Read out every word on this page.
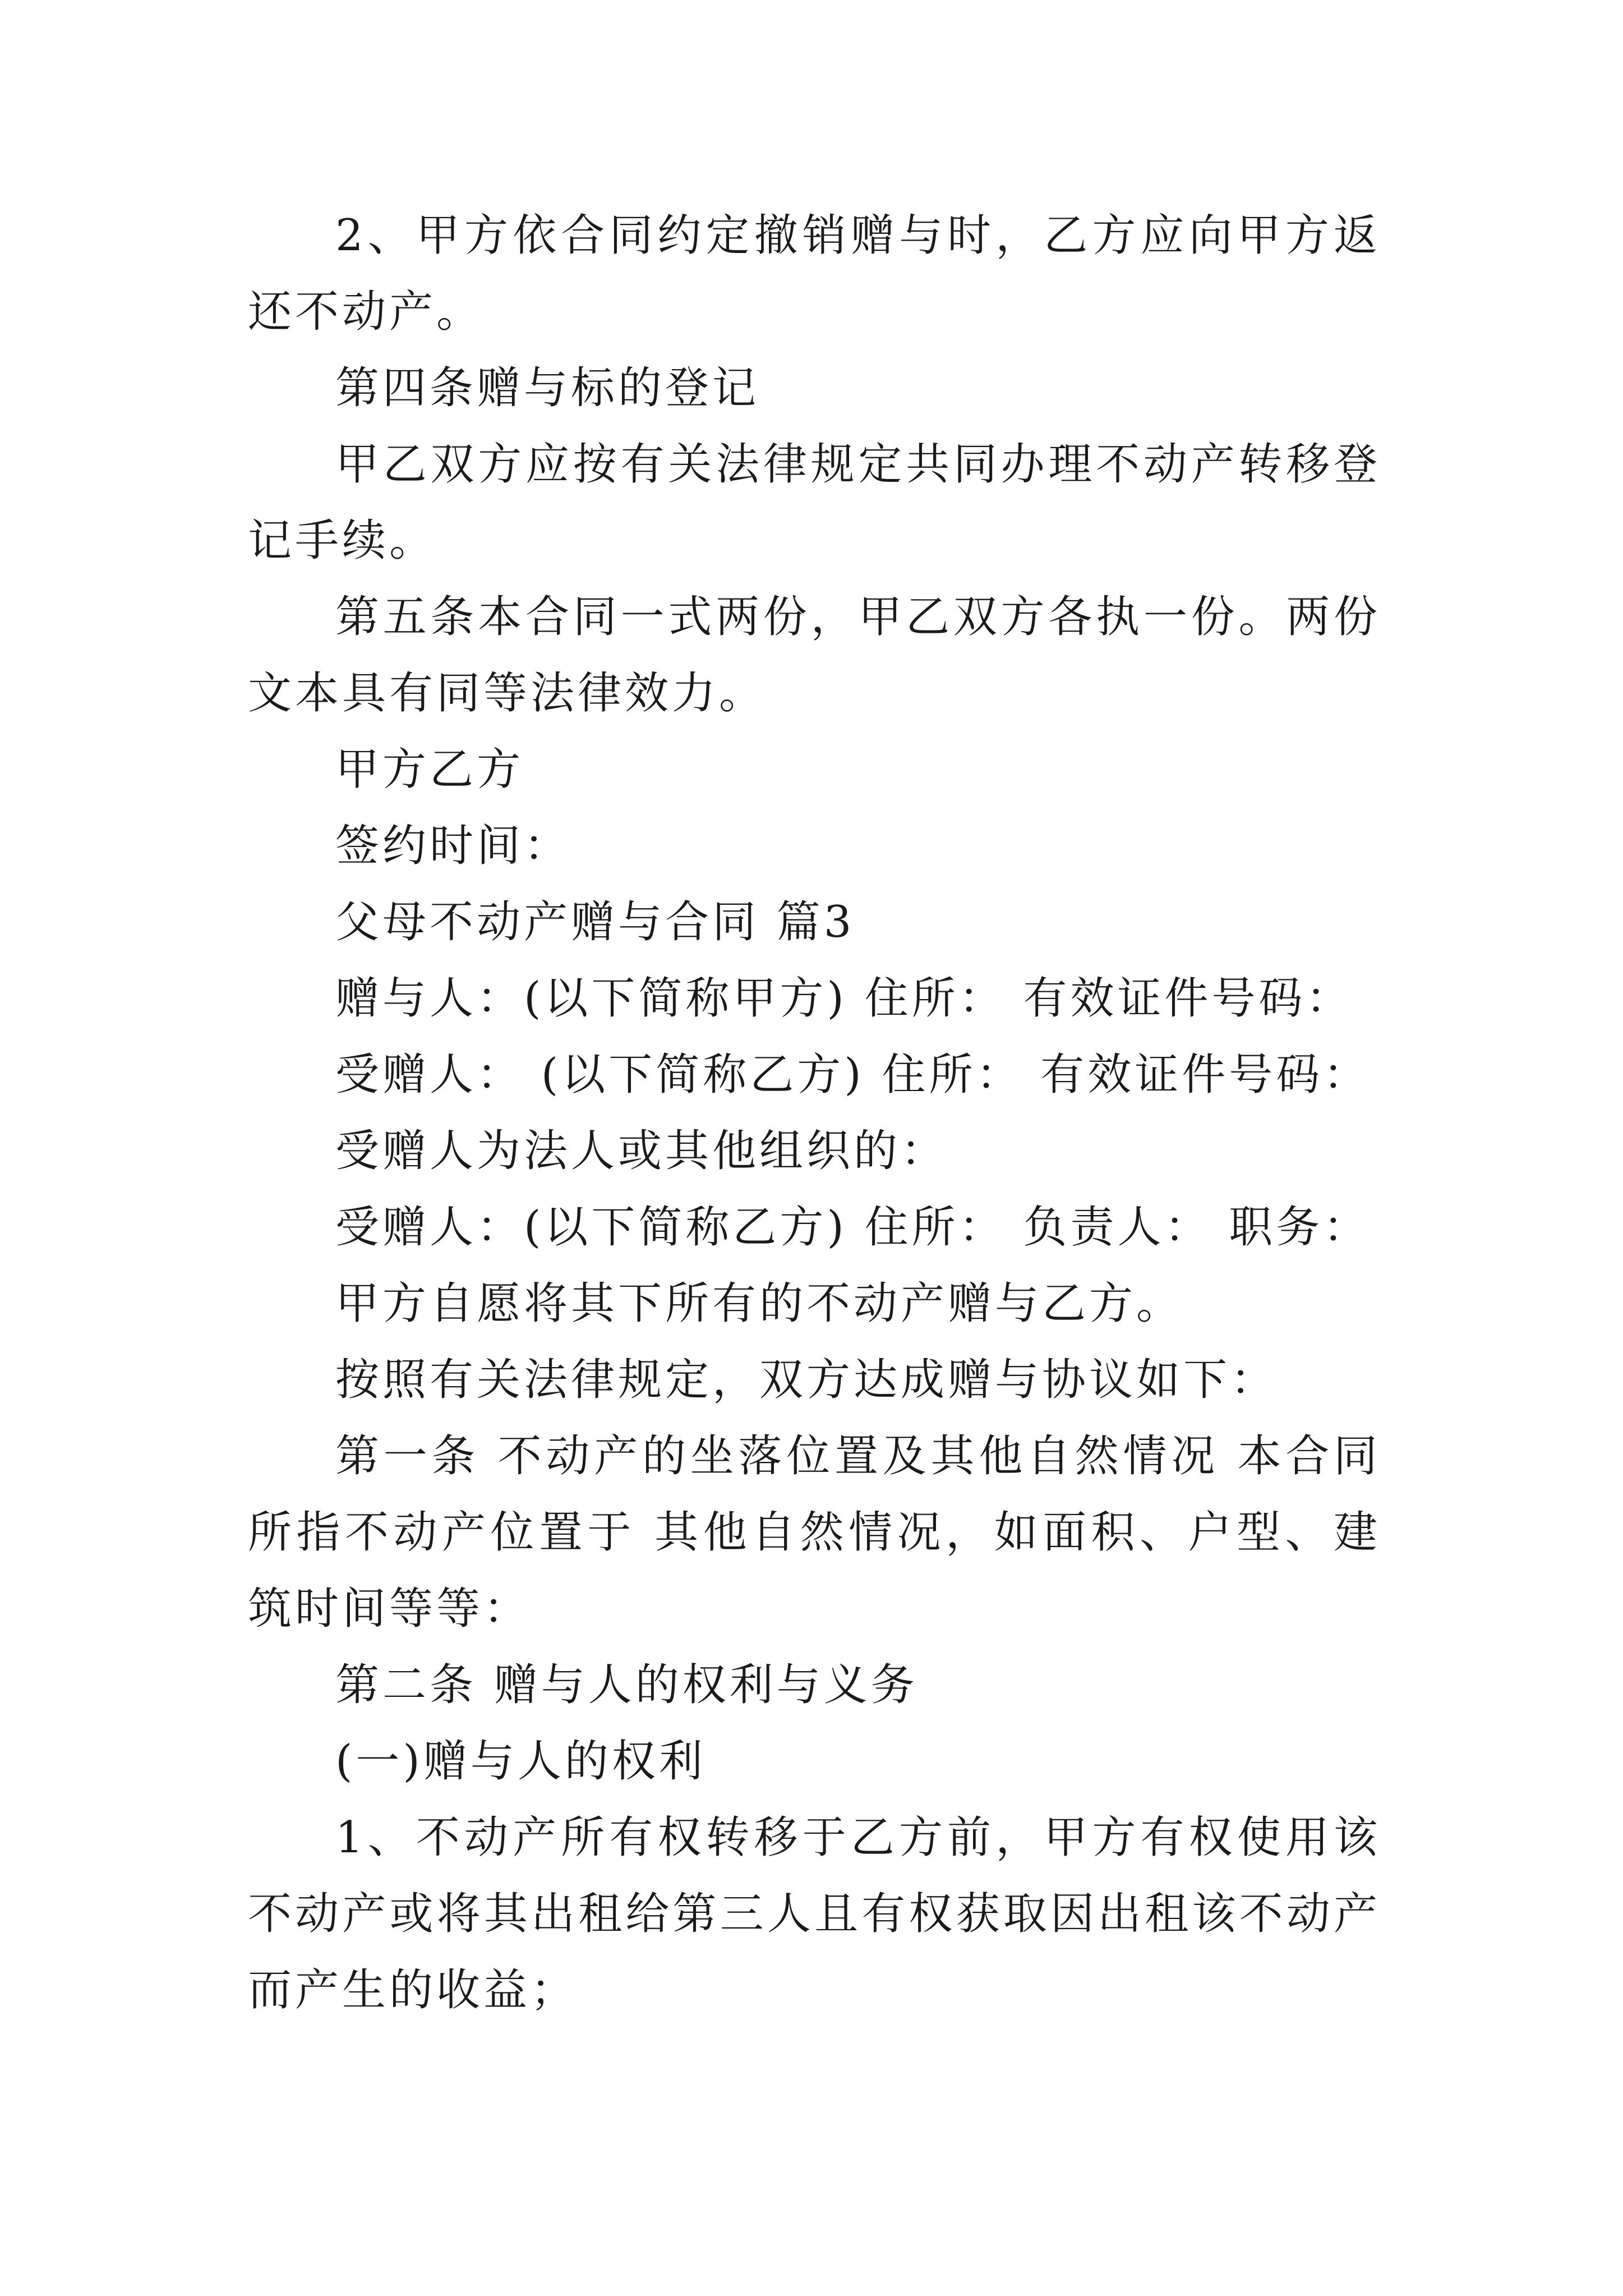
2、甲方依合同约定撤销赠与时，乙方应向甲方返还不动产。

第四条赠与标的登记

甲乙双方应按有关法律规定共同办理不动产转移登记手续。

第五条本合同一式两份，甲乙双方各执一份。两份文本具有同等法律效力。

甲方乙方

签约时间：

父母不动产赠与合同 篇3

赠与人：(以下简称甲方) 住所： 有效证件号码：

受赠人： (以下简称乙方) 住所： 有效证件号码：

受赠人为法人或其他组织的：

受赠人：(以下简称乙方) 住所： 负责人： 职务：

甲方自愿将其下所有的不动产赠与乙方。

按照有关法律规定，双方达成赠与协议如下：

第一条 不动产的坐落位置及其他自然情况 本合同所指不动产位置于 其他自然情况，如面积、户型、建筑时间等等：

第二条 赠与人的权利与义务

(一)赠与人的权利

1、不动产所有权转移于乙方前，甲方有权使用该不动产或将其出租给第三人且有权获取因出租该不动产而产生的收益；
